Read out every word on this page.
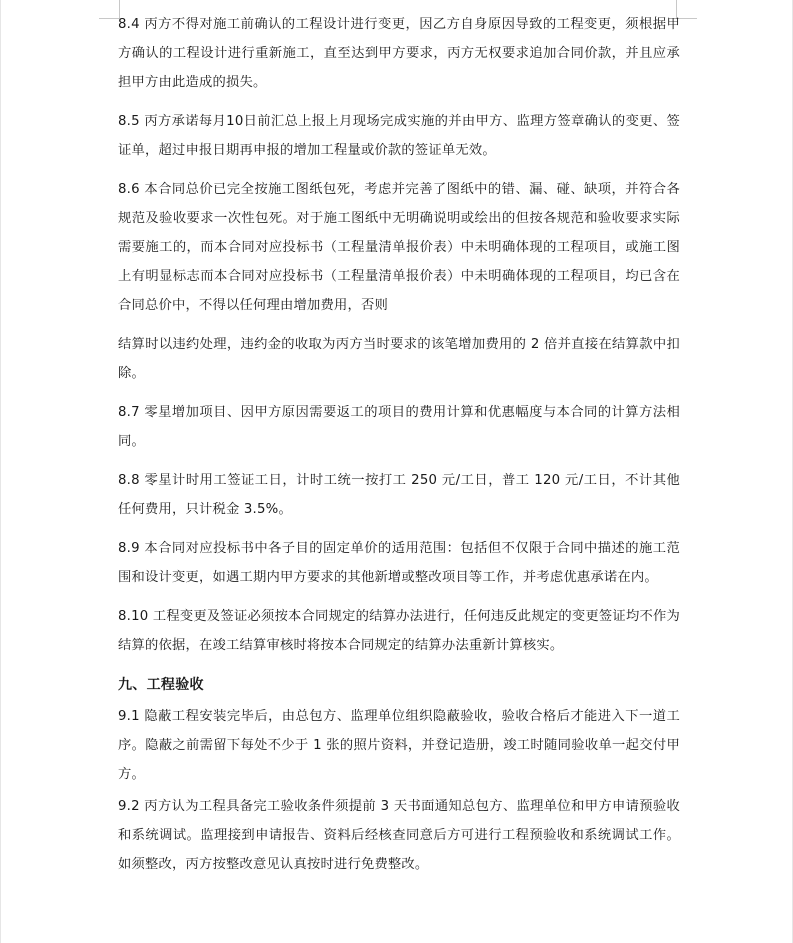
8.4 丙方不得对施工前确认的工程设计进行变更，因乙方自身原因导致的工程变更，须根据甲方确认的工程设计进行重新施工，直至达到甲方要求，丙方无权要求追加合同价款，并且应承担甲方由此造成的损失。

8.5 丙方承诺每月10日前汇总上报上月现场完成实施的并由甲方、监理方签章确认的变更、签证单，超过申报日期再申报的增加工程量或价款的签证单无效。

8.6 本合同总价已完全按施工图纸包死，考虑并完善了图纸中的错、漏、碰、缺项，并符合各规范及验收要求一次性包死。对于施工图纸中无明确说明或绘出的但按各规范和验收要求实际需要施工的，而本合同对应投标书（工程量清单报价表）中未明确体现的工程项目，或施工图上有明显标志而本合同对应投标书（工程量清单报价表）中未明确体现的工程项目，均已含在合同总价中，不得以任何理由增加费用，否则

结算时以违约处理，违约金的收取为丙方当时要求的该笔增加费用的 2 倍并直接在结算款中扣除。

8.7 零星增加项目、因甲方原因需要返工的项目的费用计算和优惠幅度与本合同的计算方法相同。

8.8 零星计时用工签证工日，计时工统一按打工 250 元/工日，普工 120 元/工日，不计其他任何费用，只计税金 3.5%。

8.9 本合同对应投标书中各子目的固定单价的适用范围：包括但不仅限于合同中描述的施工范围和设计变更，如遇工期内甲方要求的其他新增或整改项目等工作，并考虑优惠承诺在内。

8.10 工程变更及签证必须按本合同规定的结算办法进行，任何违反此规定的变更签证均不作为结算的依据，在竣工结算审核时将按本合同规定的结算办法重新计算核实。

九、工程验收

9.1 隐蔽工程安装完毕后，由总包方、监理单位组织隐蔽验收，验收合格后才能进入下一道工序。隐蔽之前需留下每处不少于 1 张的照片资料，并登记造册，竣工时随同验收单一起交付甲方。

9.2 丙方认为工程具备完工验收条件须提前 3 天书面通知总包方、监理单位和甲方申请预验收和系统调试。监理接到申请报告、资料后经核查同意后方可进行工程预验收和系统调试工作。如须整改，丙方按整改意见认真按时进行免费整改。
